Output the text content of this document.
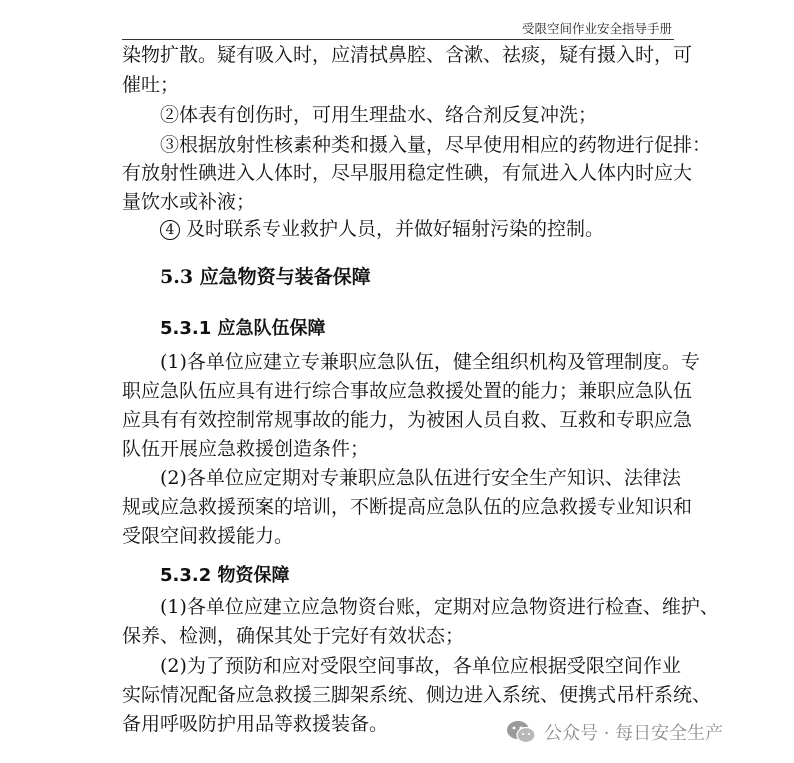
受限空间作业安全指导手册
染物扩散。疑有吸入时，应清拭鼻腔、含漱、祛痰，疑有摄入时，可
催吐；
②体表有创伤时，可用生理盐水、络合剂反复冲洗；
③根据放射性核素种类和摄入量，尽早使用相应的药物进行促排：
有放射性碘进入人体时，尽早服用稳定性碘，有氚进入人体内时应大
量饮水或补液；
4 及时联系专业救护人员，并做好辐射污染的控制。
5.3 应急物资与装备保障
5.3.1 应急队伍保障
(1)各单位应建立专兼职应急队伍，健全组织机构及管理制度。专
职应急队伍应具有进行综合事故应急救援处置的能力；兼职应急队伍
应具有有效控制常规事故的能力，为被困人员自救、互救和专职应急
队伍开展应急救援创造条件；
(2)各单位应定期对专兼职应急队伍进行安全生产知识、法律法
规或应急救援预案的培训，不断提高应急队伍的应急救援专业知识和
受限空间救援能力。
5.3.2 物资保障
(1)各单位应建立应急物资台账，定期对应急物资进行检查、维护、
保养、检测，确保其处于完好有效状态；
(2)为了预防和应对受限空间事故，各单位应根据受限空间作业
实际情况配备应急救援三脚架系统、侧边进入系统、便携式吊杆系统、
备用呼吸防护用品等救援装备。	公众号 · 每日安全生产
